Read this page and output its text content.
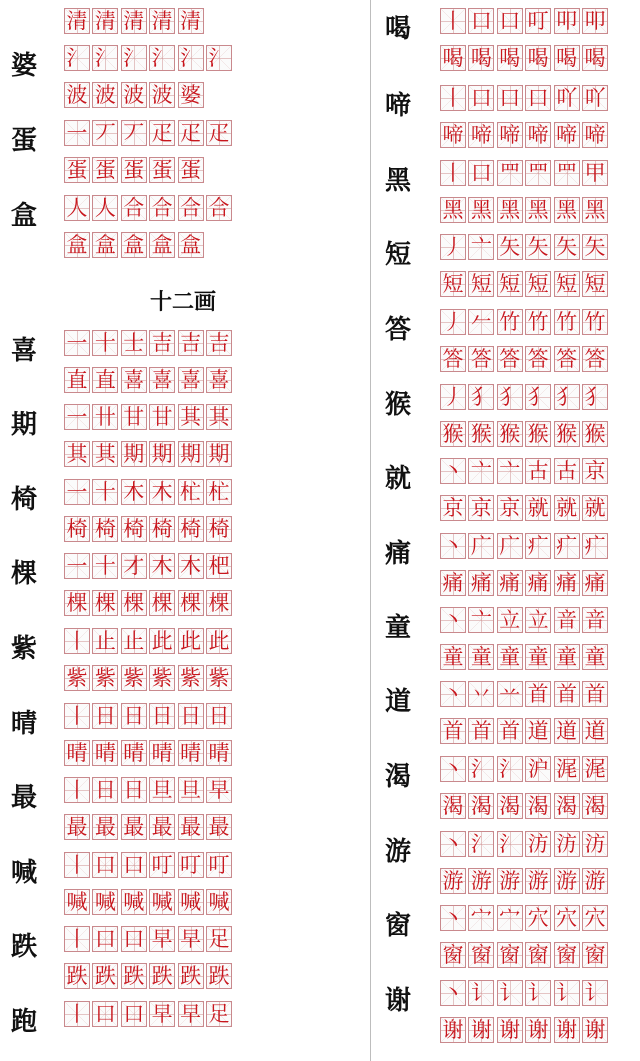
十二画
清 清 清 清 清
婆	氵 氵 氵 氵 氵 氵
波 波 波 波 婆
蛋	一 丆 丆 疋 疋 疋
蛋 蛋 蛋 蛋 蛋
盒	人 人 合 合 合 合
盒 盒 盒 盒 盒
喜	一 十 士 吉 吉 吉
直 直 喜 喜 喜 喜
期	一 卄 甘 甘 其 其
其 其 期 期 期 期
椅	一 十 木 木 杧 杧
椅 椅 椅 椅 椅 椅
棵	一 十 才 木 木 杷
棵 棵 棵 棵 棵 棵
紫	丨 止 止 此 此 此
紫 紫 紫 紫 紫 紫
晴	丨 日 日 日 日 日
晴 晴 晴 晴 晴 晴
最	丨 日 日 旦 旦 早
最 最 最 最 最 最
喊	丨 口 口 叮 叮 叮
喊 喊 喊 喊 喊 喊
跌	丨 口 口 早 早 足
跌 跌 跌 跌 跌 跌
跑	丨 口 口 早 早 足
喝	丨 口 口 叮 叩 叩
喝 喝 喝 喝 喝 喝
啼	丨 口 口 口 吖 吖
啼 啼 啼 啼 啼 啼
黑	丨 口 罒 罒 罒 甲
黑 黑 黑 黑 黑 黑
短	丿 亠 矢 矢 矢 矢
短 短 短 短 短 短
答	丿 𠂉 竹 竹 竹 竹
答 答 答 答 答 答
猴	丿 犭 犭 犭 犭 犭
猴 猴 猴 猴 猴 猴
就	丶 亠 亠 古 古 京
京 京 京 就 就 就
痛	丶 广 广 疒 疒 疒
痛 痛 痛 痛 痛 痛
童	丶 亠 立 立 音 音
童 童 童 童 童 童
道	丶 丷 䒑 首 首 首
首 首 首 道 道 道
渴	丶 氵 氵 沪 浘 浘
渴 渴 渴 渴 渴 渴
游	丶 氵 氵 汸 汸 汸
游 游 游 游 游 游
窗	丶 宀 宀 穴 穴 穴
窗 窗 窗 窗 窗 窗
谢	丶 讠 讠 讠 讠 讠
谢 谢 谢 谢 谢 谢
